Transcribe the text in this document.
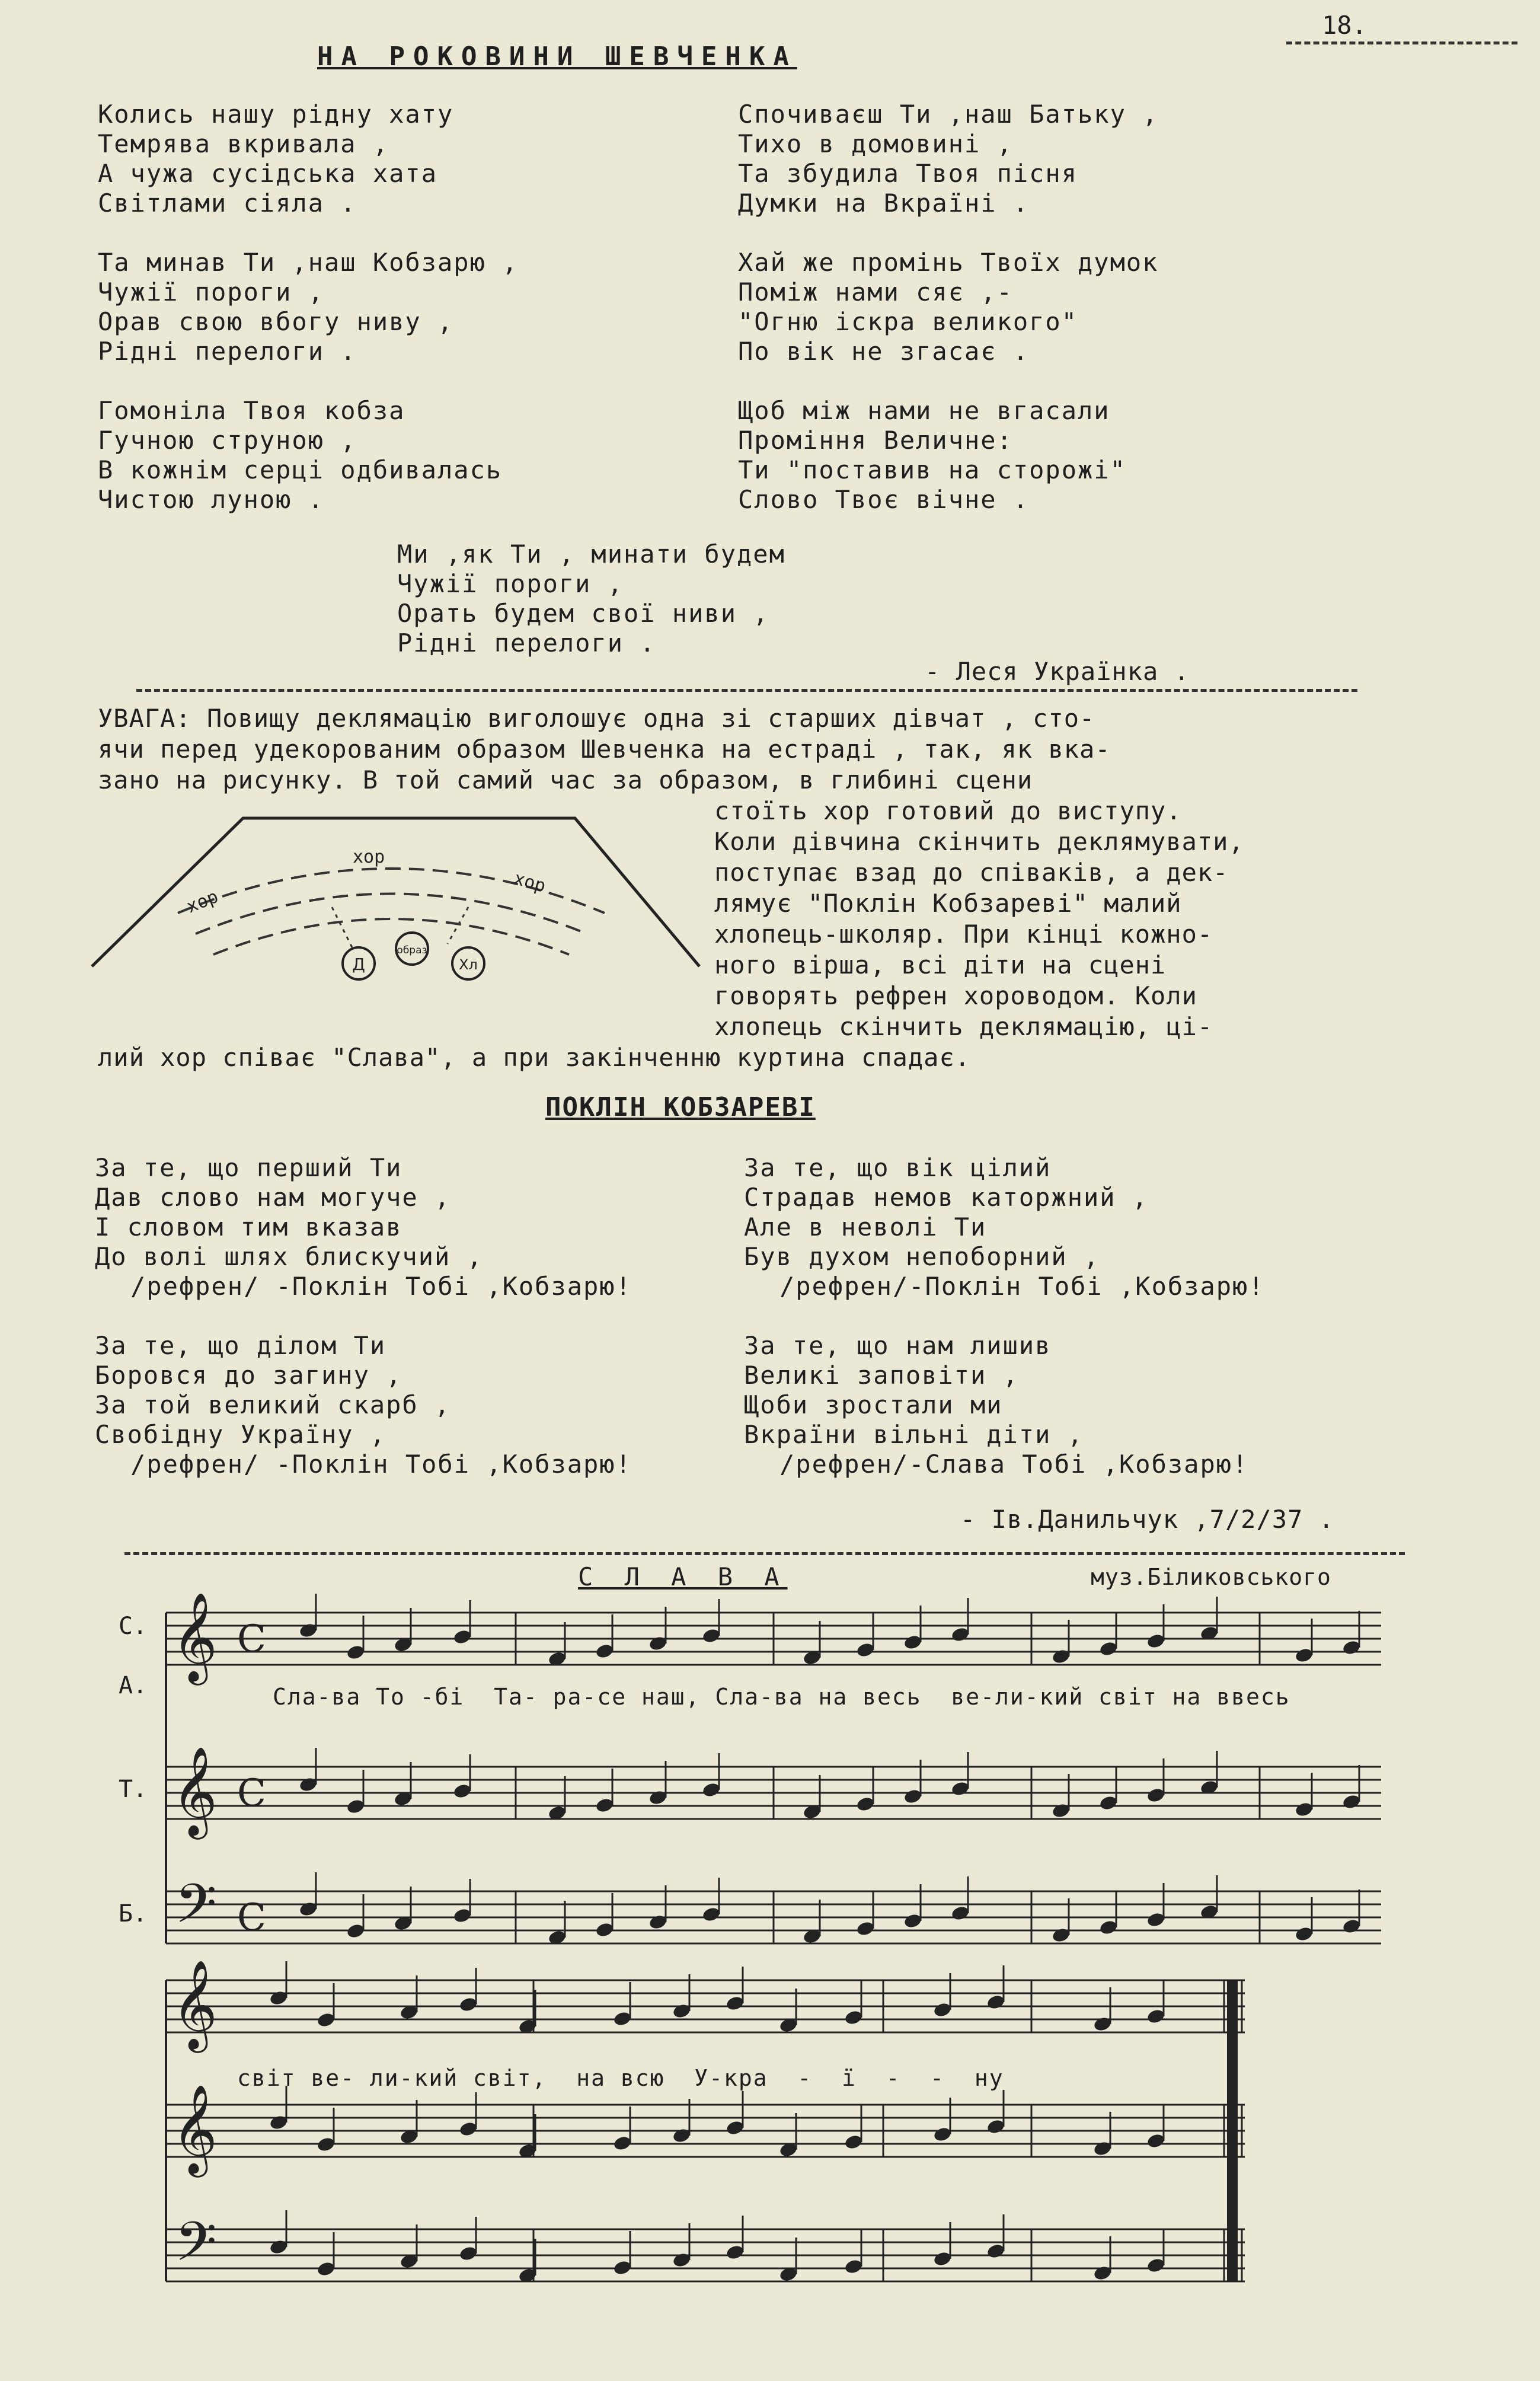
18.
НА РОКОВИНИ ШЕВЧЕНКА
Колись нашу рідну хату
Темрява вкривала ,
А чужа сусідська хата
Світлами сіяла .
Та минав Ти ,наш Кобзарю ,
Чужії пороги ,
Орав свою вбогу ниву ,
Рідні перелоги .
Гомоніла Твоя кобза
Гучною струною ,
В кожнім серці одбивалась
Чистою луною .
Спочиваєш Ти ,наш Батьку ,
Тихо в домовині ,
Та збудила Твоя пісня
Думки на Вкраїні .
Хай же промінь Твоїх думок
Поміж нами сяє ,-
"Огню іскра великого"
По вік не згасає .
Щоб між нами не вгасали
Проміння Величне:
Ти "поставив на сторожі"
Слово Твоє вічне .
Ми ,як Ти , минати будем
Чужії пороги ,
Орать будем свої ниви ,
Рідні перелоги .
- Леся Українка .
УВАГА: Повищу деклямацію виголошує одна зі старших дівчат , сто-
ячи перед удекорованим образом Шевченка на естраді , так, як вка-
зано на рисунку. В той самий час за образом, в глибині сцени
стоїть хор готовий до виступу.
Коли дівчина скінчить деклямувати,
поступає взад до співаків, а дек-
лямує "Поклін Кобзареві" малий
хлопець-школяр. При кінці кожно-
ного вірша, всі діти на сцені
говорять рефрен хороводом. Коли
хлопець скінчить деклямацію, ці-
лий хор співає "Слава", а при закінченню куртина спадає.
хор
хор
хор
Д
образ
Хл
ПОКЛІН КОБЗАРЕВІ
За те, що перший Ти
Дав слово нам могуче ,
І словом тим вказав
До волі шлях блискучий ,
/рефрен/ -Поклін Тобі ,Кобзарю!
За те, що ділом Ти
Боровся до загину ,
За той великий скарб ,
Свобідну Україну ,
/рефрен/ -Поклін Тобі ,Кобзарю!
За те, що вік цілий
Страдав немов каторжний ,
Але в неволі Ти
Був духом непоборний ,
/рефрен/-Поклін Тобі ,Кобзарю!
За те, що нам лишив
Великі заповіти ,
Щоби зростали ми
Вкраїни вільні діти ,
/рефрен/-Слава Тобі ,Кобзарю!
- Ів.Данильчук ,7/2/37 .
С Л А В А	муз.Біликовського
С.
А.
Т.
Б.
𝄞 C
𝄞 C
𝄢 C
𝄞
𝄞
𝄢
Сла-ва То -бі  Та- ра-се наш, Сла-ва на весь  ве-ли-кий світ на ввесь
світ ве- ли-кий світ,  на всю  У-кра  -  ї  -  -  ну
